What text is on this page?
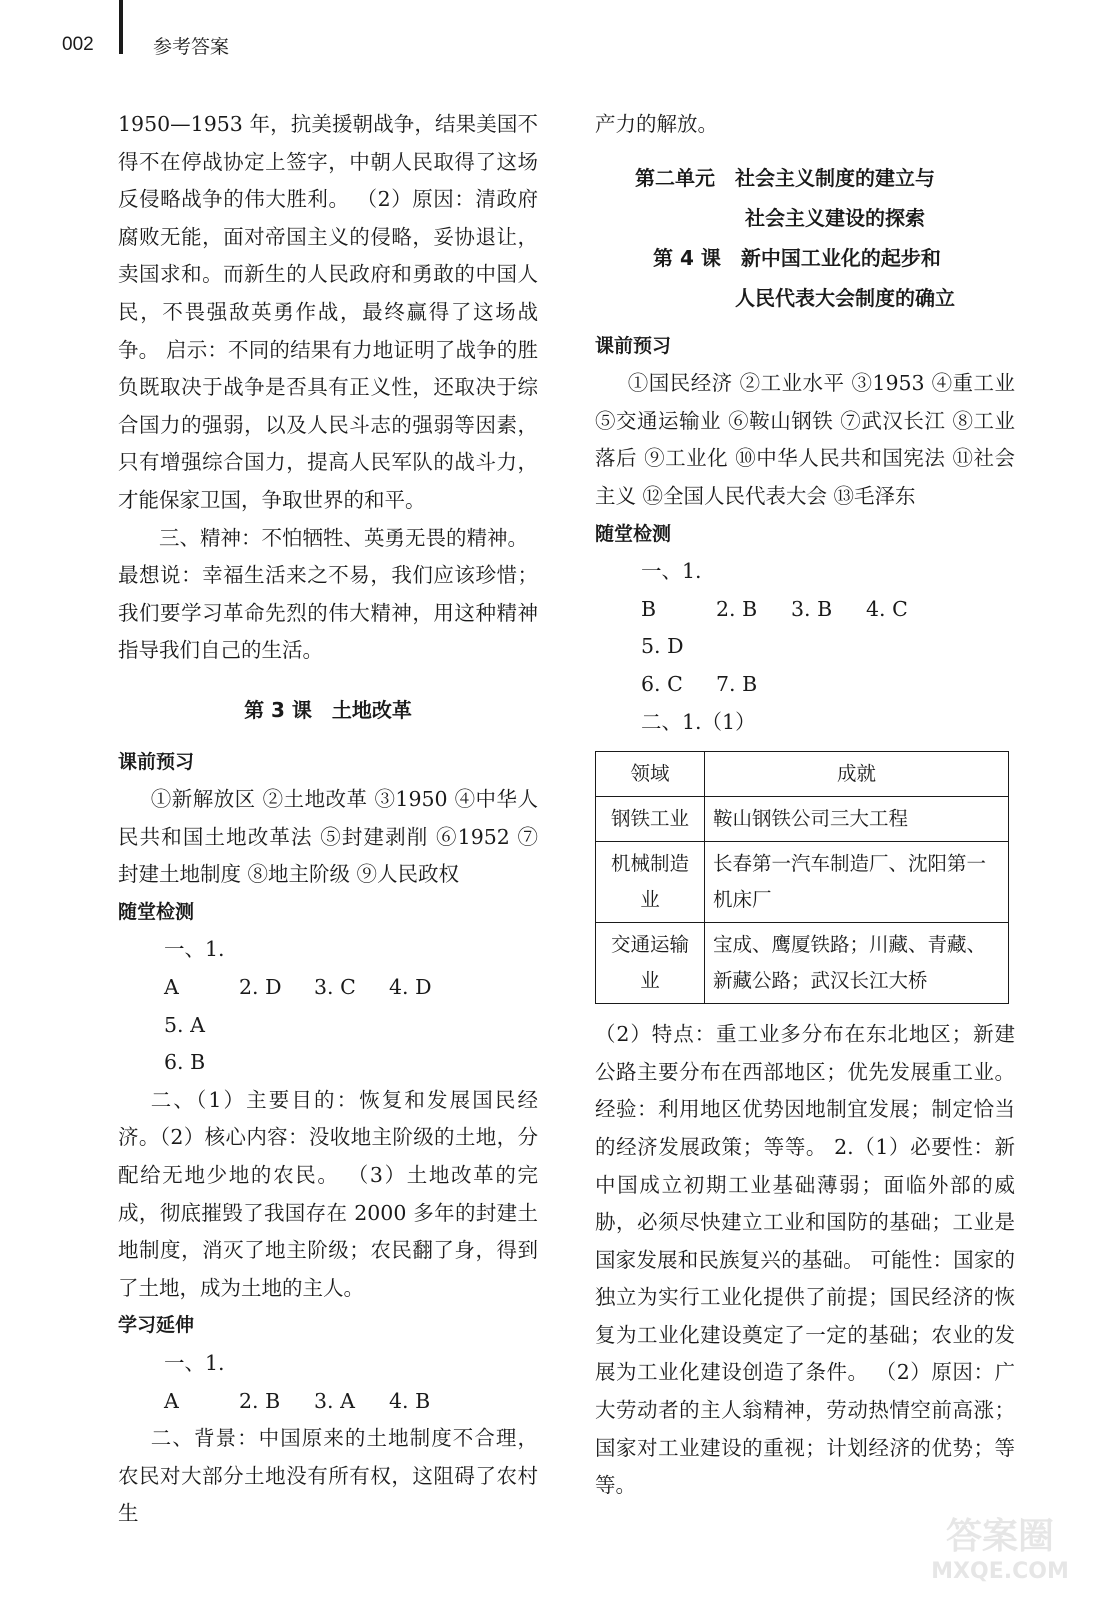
002	参考答案

1950—1953 年，抗美援朝战争，结果美国不得不在停战协定上签字，中朝人民取得了这场反侵略战争的伟大胜利。 （2）原因：清政府腐败无能，面对帝国主义的侵略，妥协退让，卖国求和。而新生的人民政府和勇敢的中国人民，不畏强敌英勇作战，最终赢得了这场战争。 启示：不同的结果有力地证明了战争的胜负既取决于战争是否具有正义性，还取决于综合国力的强弱，以及人民斗志的强弱等因素，只有增强综合国力，提高人民军队的战斗力，才能保家卫国，争取世界的和平。

三、精神：不怕牺牲、英勇无畏的精神。

最想说：幸福生活来之不易，我们应该珍惜；我们要学习革命先烈的伟大精神，用这种精神指导我们自己的生活。

第 3 课　土地改革
课前预习

①新解放区 ②土地改革 ③1950 ④中华人民共和国土地改革法 ⑤封建剥削 ⑥1952 ⑦封建土地制度 ⑧地主阶级 ⑨人民政权

随堂检测
一、1. A	2. D 3. C 4. D5. A
6. B

二、（1）主要目的：恢复和发展国民经济。（2）核心内容：没收地主阶级的土地，分配给无地少地的农民。 （3）土地改革的完成，彻底摧毁了我国存在 2000 多年的封建土地制度，消灭了地主阶级；农民翻了身，得到了土地，成为土地的主人。

学习延伸
一、1. A	2. B 3. A 4. B

二、背景：中国原来的土地制度不合理，农民对大部分土地没有所有权，这阻碍了农村生

产力的解放。

第二单元　社会主义制度的建立与
社会主义建设的探索
第 4 课　新中国工业化的起步和
人民代表大会制度的确立
课前预习

①国民经济 ②工业水平 ③1953 ④重工业 ⑤交通运输业 ⑥鞍山钢铁 ⑦武汉长江 ⑧工业落后 ⑨工业化 ⑩中华人民共和国宪法 ⑪社会主义 ⑫全国人民代表大会 ⑬毛泽东

随堂检测
一、1. B	2. B 3. B 4. C5. D
6. C 7. B
二、1.（1）
领域	成就
钢铁工业	鞍山钢铁公司三大工程
机械制造业	长春第一汽车制造厂、沈阳第一机床厂
交通运输业	宝成、鹰厦铁路；川藏、青藏、新藏公路；武汉长江大桥

（2）特点：重工业多分布在东北地区；新建公路主要分布在西部地区；优先发展重工业。 经验：利用地区优势因地制宜发展；制定恰当的经济发展政策；等等。 2.（1）必要性：新中国成立初期工业基础薄弱；面临外部的威胁，必须尽快建立工业和国防的基础；工业是国家发展和民族复兴的基础。 可能性：国家的独立为实行工业化提供了前提；国民经济的恢复为工业化建设奠定了一定的基础；农业的发展为工业化建设创造了条件。 （2）原因：广大劳动者的主人翁精神，劳动热情空前高涨；国家对工业建设的重视；计划经济的优势；等等。

答案圈
MXQE.COM
